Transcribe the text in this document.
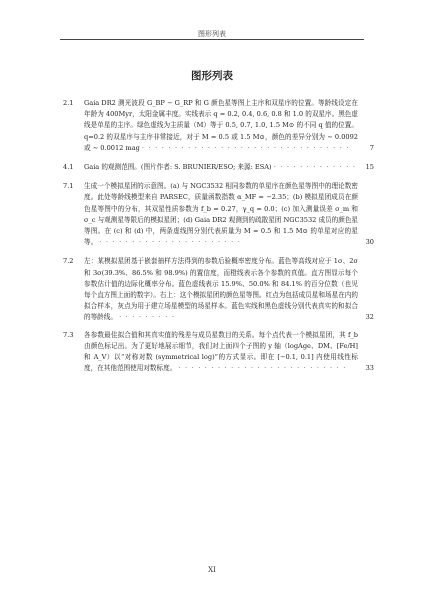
图形列表
图形列表
2.1 Gaia DR2 测光波段 G_BP − G_RP 和 G 颜色星等图上主序和双星序的位置。等龄线设定在年龄为 400Myr，太阳金属丰度。实线表示 q = 0.2, 0.4, 0.6, 0.8 和 1.0 的双星序。黑色虚线是单星的主序。绿色虚线为主质量（M）等于 0.5, 0.7, 1.0, 1.5 M⊙ 的不同 q 值的位置。q=0.2 的双星序与主序非常接近，对于 M = 0.5 或 1.5 M⊙，颜色的差异分别为 ∼ 0.0092 或 ∼ 0.0012 mag · · · · · · · · · · · · · · · · · · · · · · · · · · · · · · · ·	7
4.1 Gaia 的观测范围。(图片作者: S. BRUNIER/ESO; 来源: ESA) · · · · · · · · · · · · · 15
7.1 生成一个模拟星团的示意图。(a) 与 NGC3532 相同参数的单星序在颜色星等图中的理论数密度。此处等龄线模型来自 PARSEC，质量函数指数 α_MF = −2.35；(b) 模拟星团成员在颜色星等图中的分布，其双星性质参数为 f_b = 0.27，γ_q = 0.0；(c) 加入测量误差 σ_m 和 σ_c 与观测星等限后的模拟星团；(d) Gaia DR2 观测到的疏散星团 NGC3532 成员的颜色星等图。在 (c) 和 (d) 中，两条虚线图分别代表质量为 M = 0.5 和 1.5 M⊙ 的单星对应的星等。 · · · · · · · · · · · · · · · · · · · · · ·	30
7.2 左：某模拟星团基于嵌套抽样方法得到的参数后验概率密度分布。蓝色等高线对应于 1σ、2σ 和 3σ(39.3%、86.5% 和 98.9%) 的置信度，而橙线表示各个参数的真值。直方图显示每个参数估计值的边际化概率分布。蓝色虚线表示 15.9%、50.0% 和 84.1% 的百分位数（也见每个直方图上面的数字）。右上：这个模拟星团的颜色星等图。红点为包括成员星和场星在内的拟合样本，灰点为用于建立场星模型的场星样本。蓝色实线和黑色虚线分别代表真实的和拟合的等龄线。 · · · · · · · · ·	32
7.3 各参数最佳拟合值和其真实值的残差与成员星数目的关系。每个点代表一个模拟星团，其 f_b 由颜色标记出。为了更好地展示细节，我们对上面四个子图的 y 轴（logAge、DM、[Fe/H] 和 A_V）以“对称对数 (symmetrical log)”的方式显示。即在 [−0.1, 0.1] 内使用线性标度，在其他范围使用对数标度。 · · · · · · · · · · · · · · · · · · · · · · · · · ·	33
XI
